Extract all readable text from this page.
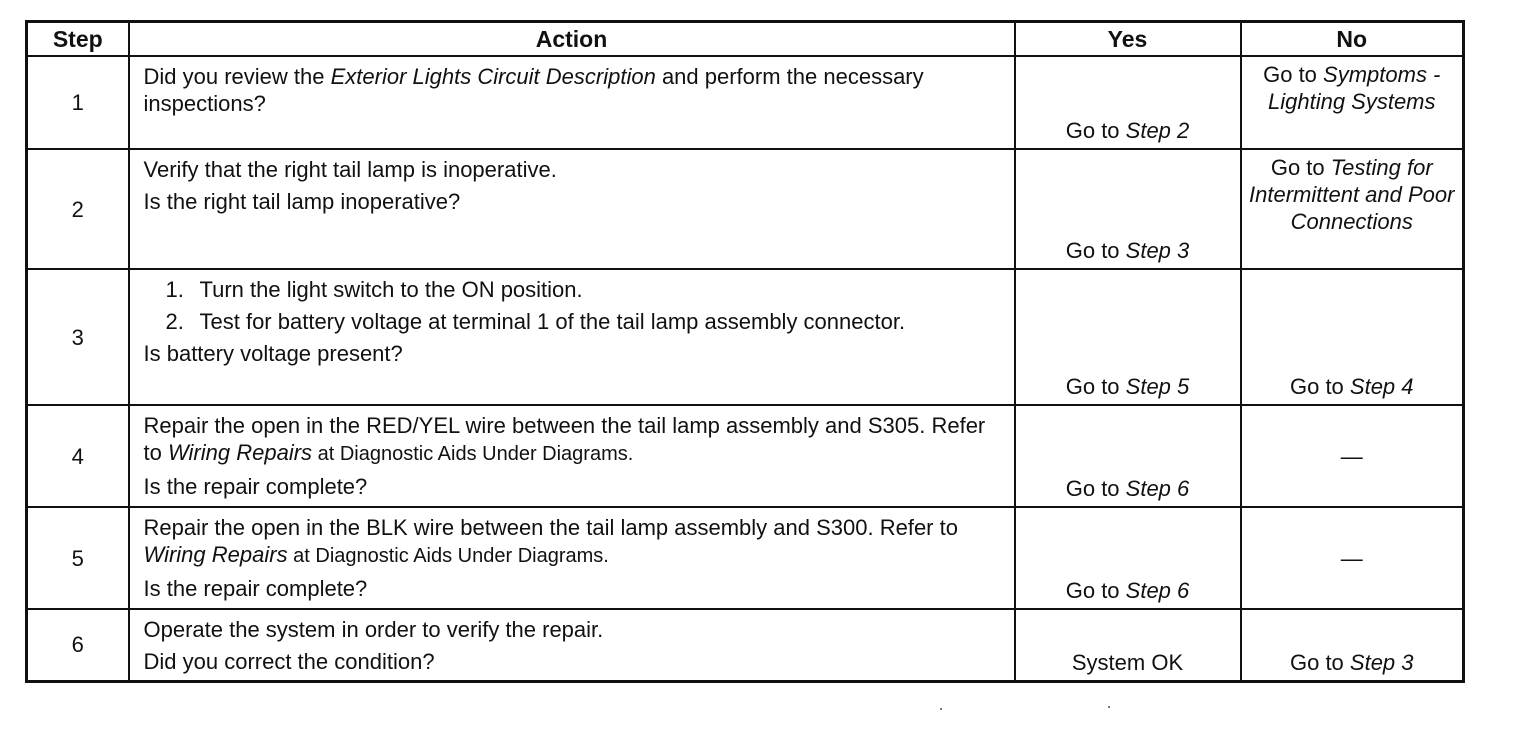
Step	Action	Yes	No
1	Did you review the Exterior Lights Circuit Description and perform the necessary inspections?	Go to Step 2	Go to Symptoms - Lighting Systems
2	Verify that the right tail lamp is inoperative.

Is the right tail lamp inoperative?	Go to Step 3	Go to Testing for Intermittent and Poor Connections
3	1. Turn the light switch to the ON position.
2. Test for battery voltage at terminal 1 of the tail lamp assembly connector.

Is battery voltage present?	Go to Step 5	Go to Step 4
4	Repair the open in the RED/YEL wire between the tail lamp assembly and S305. Refer to Wiring Repairs at Diagnostic Aids Under Diagrams.

Is the repair complete?	Go to Step 6	—
5	Repair the open in the BLK wire between the tail lamp assembly and S300. Refer to Wiring Repairs at Diagnostic Aids Under Diagrams.

Is the repair complete?	Go to Step 6	—
6	Operate the system in order to verify the repair.

Did you correct the condition?	System OK	Go to Step 3
